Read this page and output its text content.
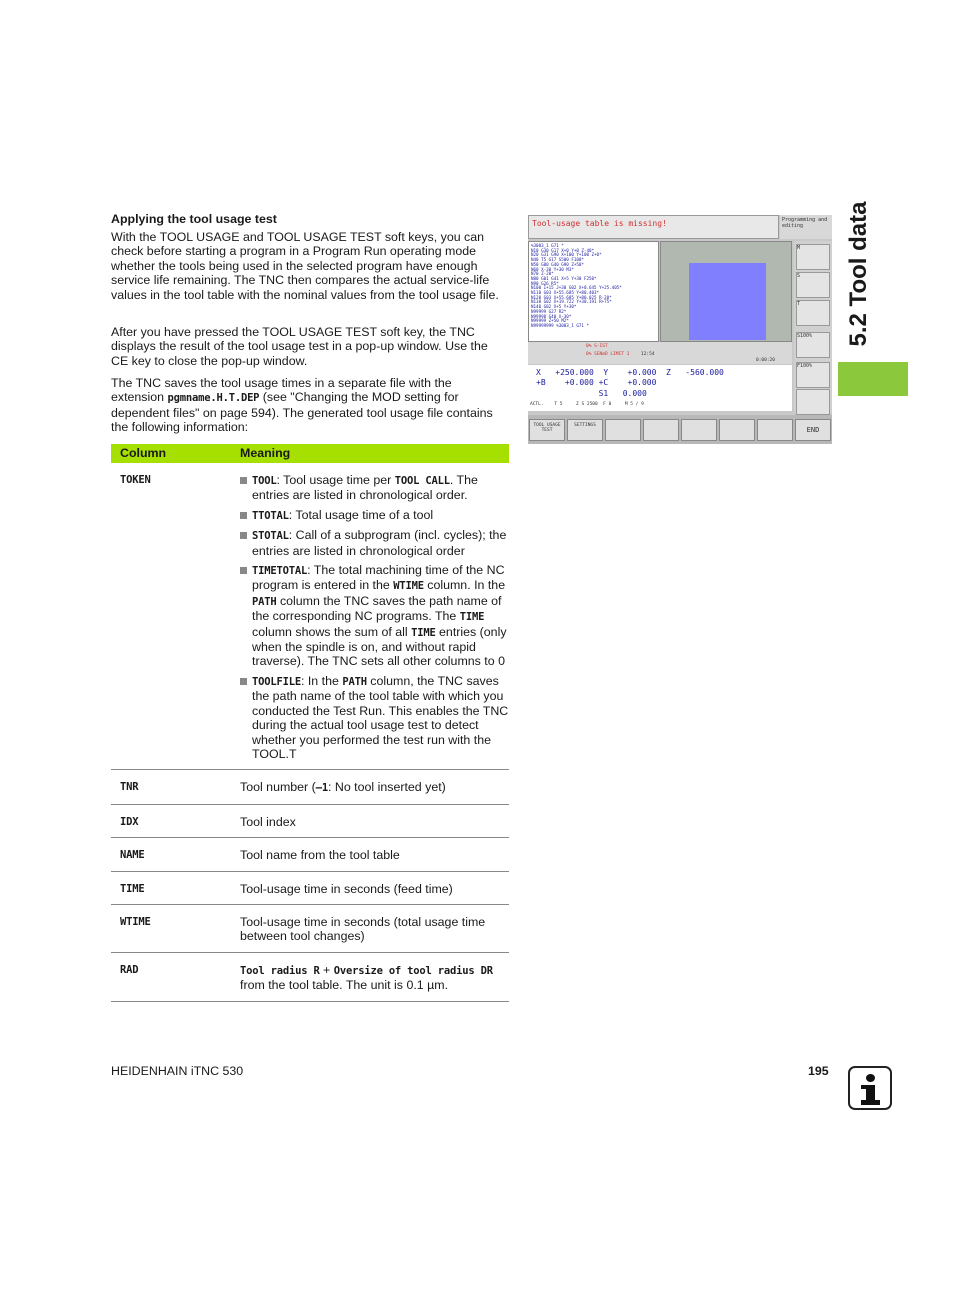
5.2 Tool data
Applying the tool usage test

With the TOOL USAGE and TOOL USAGE TEST soft keys, you can check before starting a program in a Program Run operating mode whether the tools being used in the selected program have enough service life remaining. The TNC then compares the actual service-life values in the tool table with the nominal values from the tool usage file.

After you have pressed the TOOL USAGE TEST soft key, the TNC displays the result of the tool usage test in a pop-up window. Use the CE key to close the pop-up window.

The TNC saves the tool usage times in a separate file with the extension pgmname.H.T.DEP (see "Changing the MOD setting for dependent files" on page 594). The generated tool usage file contains the following information:

Column	Meaning
TOKEN	TOOL: Tool usage time per TOOL CALL. The entries are listed in chronological order.
TTOTAL: Total usage time of a tool
STOTAL: Call of a subprogram (incl. cycles); the entries are listed in chronological order
TIMETOTAL: The total machining time of the NC program is entered in the WTIME column. In the PATH column the TNC saves the path name of the corresponding NC programs. The TIME column shows the sum of all TIME entries (only when the spindle is on, and without rapid traverse). The TNC sets all other columns to 0
TOOLFILE: In the PATH column, the TNC saves the path name of the tool table with which you conducted the Test Run. This enables the TNC during the actual tool usage test to detect whether you performed the test run with the TOOL.T
TNR	Tool number (–1: No tool inserted yet)
IDX	Tool index
NAME	Tool name from the tool table
TIME	Tool-usage time in seconds (feed time)
WTIME	Tool-usage time in seconds (total usage time between tool changes)
RAD	Tool radius R + Oversize of tool radius DR from the tool table. The unit is 0.1 µm.
Tool-usage table is missing!	Programming and editing
%3003_1 G71 *
N10 G30 G17 X+0 Y+0 Z-40*
N20 G31 G90 X+100 Y+100 Z+0*
N40 T5 G17 S500 F100*
N50 G00 G40 G90 Z+50*
N60 X-30 Y+30 M3*
N70 Z-20*
N80 G01 G41 X+5 Y+30 F250*
N90 G26 R5*
N100 I+15 J+30 G02 X+0.645 Y+25.405*
N110 G03 X+55.685 Y+88.403*
N120 G03 X+55.685 Y+80.025 R-20*
N130 G02 X+19.722 Y+30.191 R+75*
N140 G02 X+5 Y+30*
N99999 G27 R2*
N99998 G40 X-30*
N99999 Z+50 M2*
N99999999 %3003_1 G71 *
M
S
T
S100%
F100%
0% S-IST
0% SENmD LIMIT 1	12:54
0:00:20
X   +250.000  Y    +0.000  Z   -560.000
+B    +0.000 +C    +0.000
S1   0.000
ACTL.    T 5     Z S 2500  F 0     M 5 / 9
TOOL USAGE TEST
SETTINGS
END
HEIDENHAIN iTNC 530	195
